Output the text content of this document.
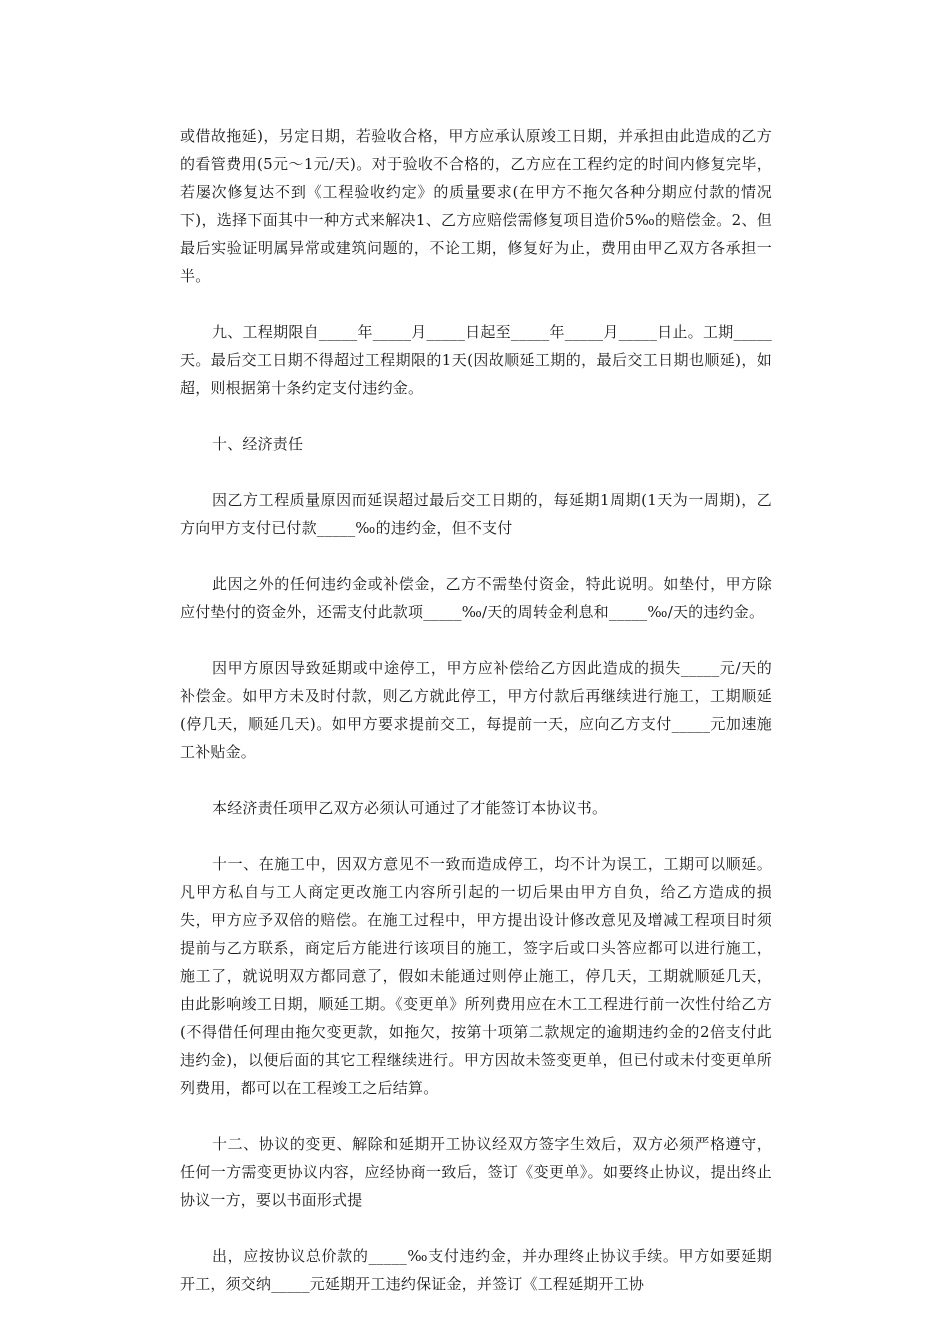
或借故拖延)，另定日期，若验收合格，甲方应承认原竣工日期，并承担由此造成的乙方的看管费用(5元～1元/天)。对于验收不合格的，乙方应在工程约定的时间内修复完毕，若屡次修复达不到《工程验收约定》的质量要求(在甲方不拖欠各种分期应付款的情况下)，选择下面其中一种方式来解决1、乙方应赔偿需修复项目造价5‰的赔偿金。2、但最后实验证明属异常或建筑问题的，不论工期，修复好为止，费用由甲乙双方各承担一半。

九、工程期限自_____年_____月_____日起至_____年_____月_____日止。工期_____天。最后交工日期不得超过工程期限的1天(因故顺延工期的，最后交工日期也顺延)，如超，则根据第十条约定支付违约金。

十、经济责任

因乙方工程质量原因而延误超过最后交工日期的，每延期1周期(1天为一周期)，乙方向甲方支付已付款_____‰的违约金，但不支付

此因之外的任何违约金或补偿金，乙方不需垫付资金，特此说明。如垫付，甲方除应付垫付的资金外，还需支付此款项_____‰/天的周转金利息和_____‰/天的违约金。

因甲方原因导致延期或中途停工，甲方应补偿给乙方因此造成的损失_____元/天的补偿金。如甲方未及时付款，则乙方就此停工，甲方付款后再继续进行施工，工期顺延(停几天，顺延几天)。如甲方要求提前交工，每提前一天，应向乙方支付_____元加速施工补贴金。

本经济责任项甲乙双方必须认可通过了才能签订本协议书。

十一、在施工中，因双方意见不一致而造成停工，均不计为误工，工期可以顺延。凡甲方私自与工人商定更改施工内容所引起的一切后果由甲方自负，给乙方造成的损失，甲方应予双倍的赔偿。在施工过程中，甲方提出设计修改意见及增减工程项目时须提前与乙方联系，商定后方能进行该项目的施工，签字后或口头答应都可以进行施工，施工了，就说明双方都同意了，假如未能通过则停止施工，停几天，工期就顺延几天，由此影响竣工日期，顺延工期。《变更单》所列费用应在木工工程进行前一次性付给乙方(不得借任何理由拖欠变更款，如拖欠，按第十项第二款规定的逾期违约金的2倍支付此违约金)，以便后面的其它工程继续进行。甲方因故未签变更单，但已付或未付变更单所列费用，都可以在工程竣工之后结算。

十二、协议的变更、解除和延期开工协议经双方签字生效后，双方必须严格遵守，任何一方需变更协议内容，应经协商一致后，签订《变更单》。如要终止协议，提出终止协议一方，要以书面形式提

出，应按协议总价款的_____‰支付违约金，并办理终止协议手续。甲方如要延期开工，须交纳_____元延期开工违约保证金，并签订《工程延期开工协
